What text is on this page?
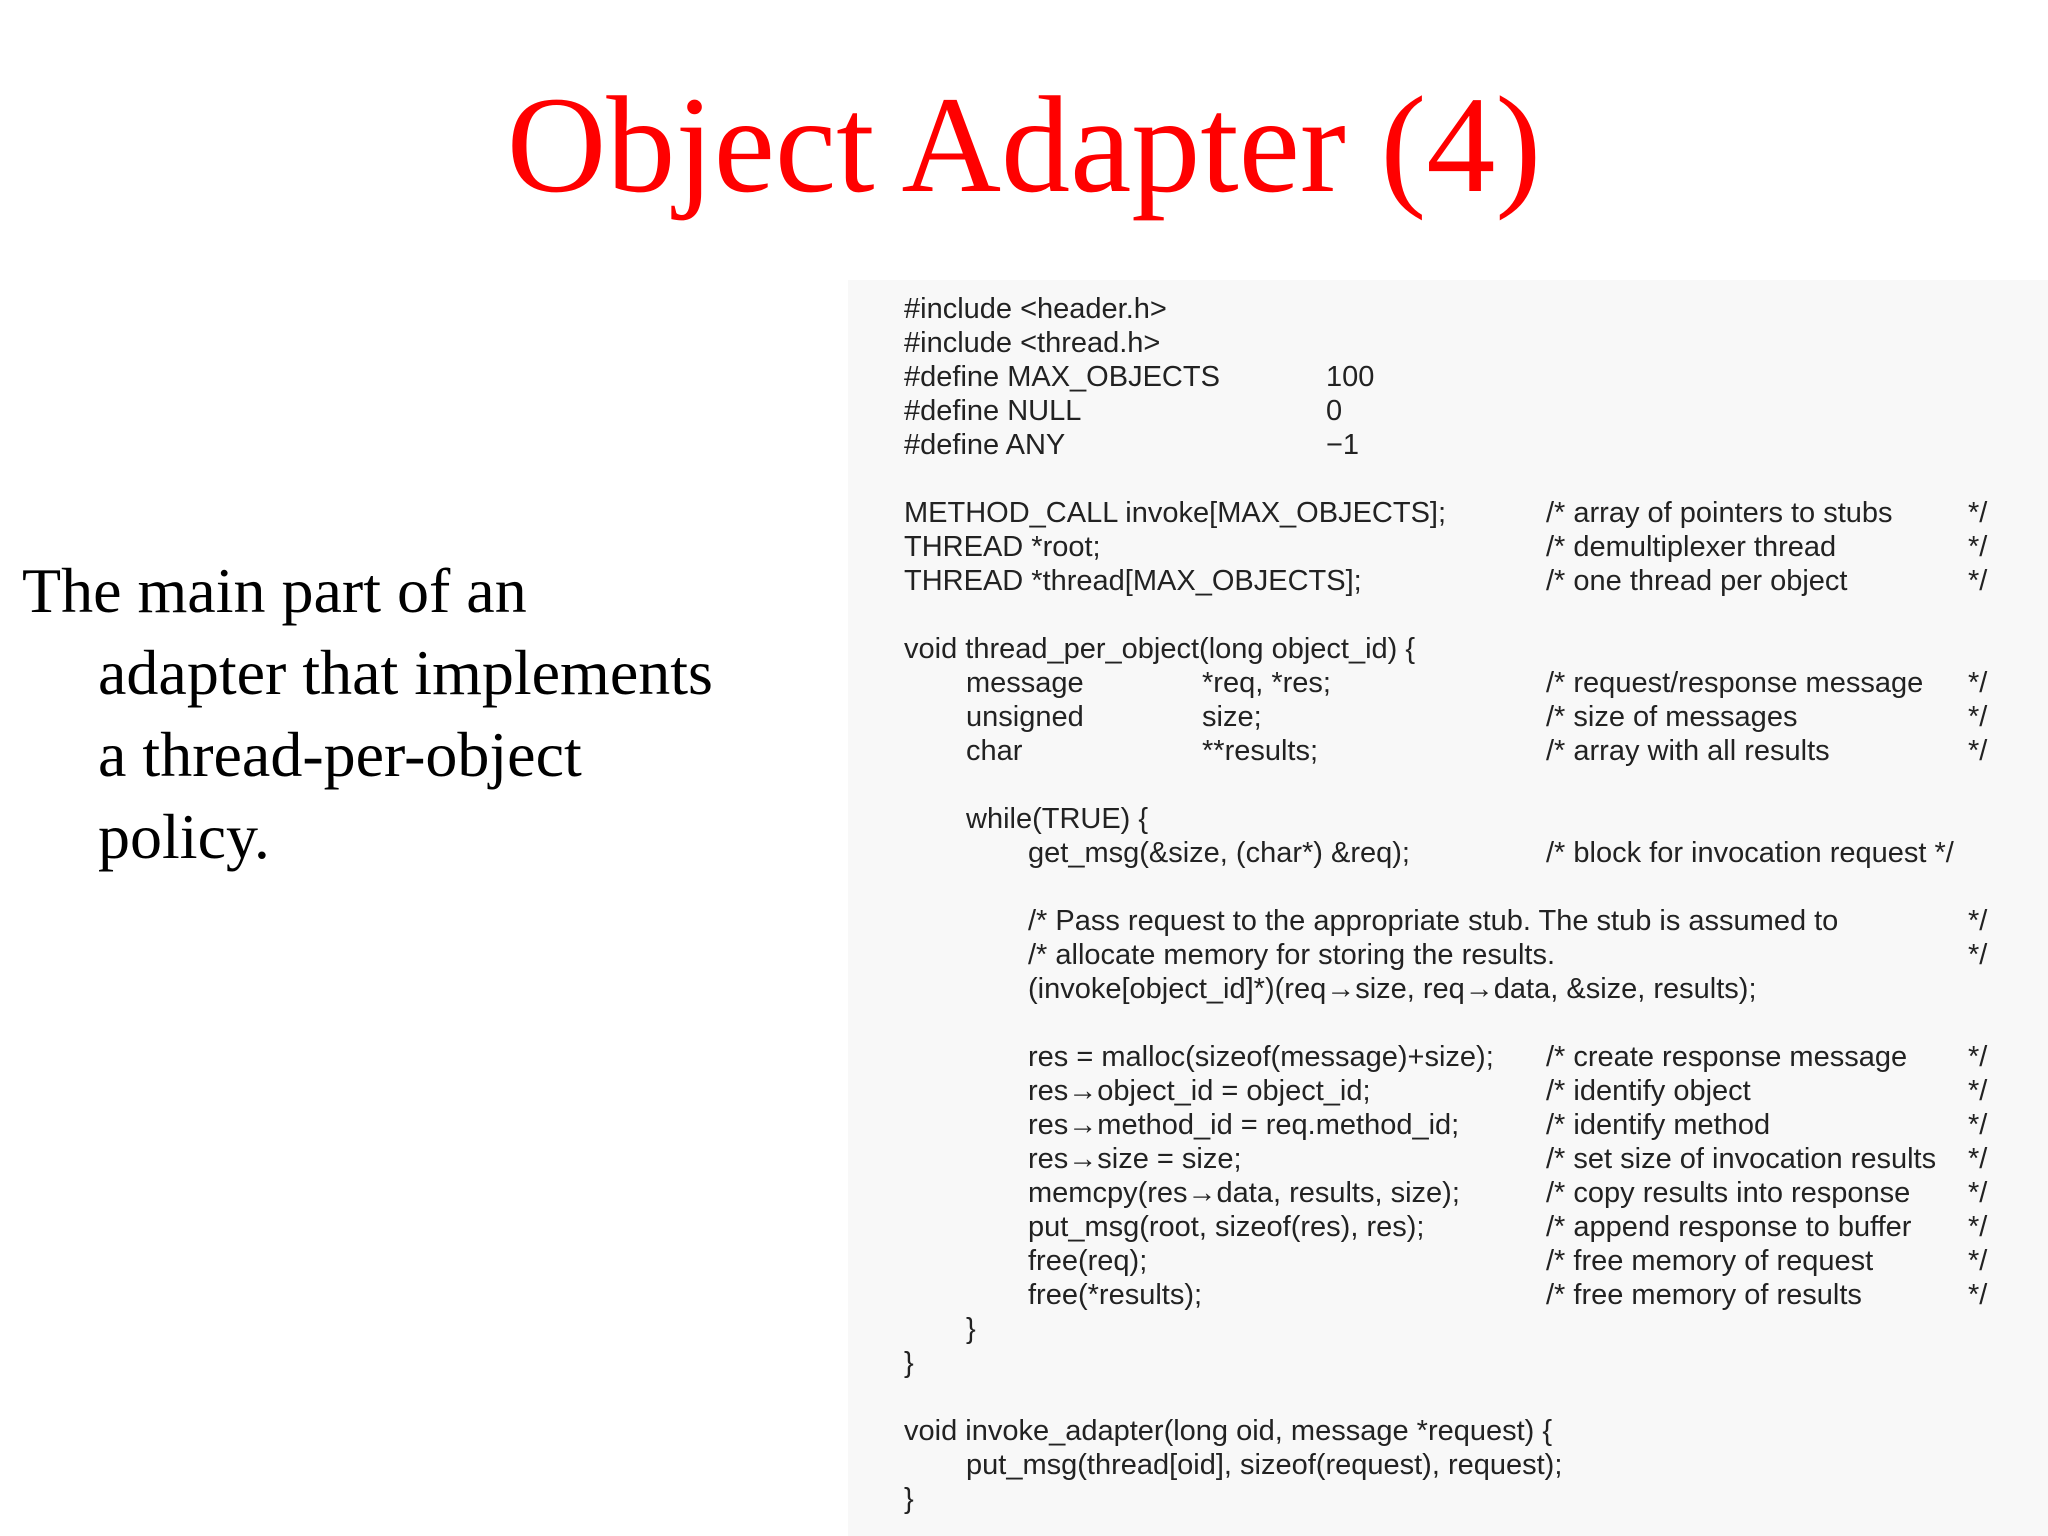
Object Adapter (4)
The main part of an
adapter that implements
a thread-per-object
policy.
#include <header.h>
#include <thread.h>
#define MAX_OBJECTS	100
#define NULL	0
#define ANY	−1
METHOD_CALL invoke[MAX_OBJECTS];	/* array of pointers to stubs	*/
THREAD *root;	/* demultiplexer thread	*/
THREAD *thread[MAX_OBJECTS];	/* one thread per object	*/
void thread_per_object(long object_id) {
message	*req, *res;	/* request/response message */
unsigned	size;	/* size of messages	*/
char	**results;	/* array with all results	*/
while(TRUE) {
get_msg(&size, (char*) &req);	/* block for invocation request */
/* Pass request to the appropriate stub. The stub is assumed to	*/
/* allocate memory for storing the results.	*/
(invoke[object_id]*)(req→size, req→data, &size, results);
res = malloc(sizeof(message)+size); /* create response message */
res→object_id = object_id;	/* identify object	*/
res→method_id = req.method_id;	/* identify method	*/
res→size = size;	/* set size of invocation results */
memcpy(res→data, results, size);	/* copy results into response */
put_msg(root, sizeof(res), res);	/* append response to buffer */
free(req);	/* free memory of request	*/
free(*results);	/* free memory of results	*/
}
}
void invoke_adapter(long oid, message *request) {
put_msg(thread[oid], sizeof(request), request);
}
